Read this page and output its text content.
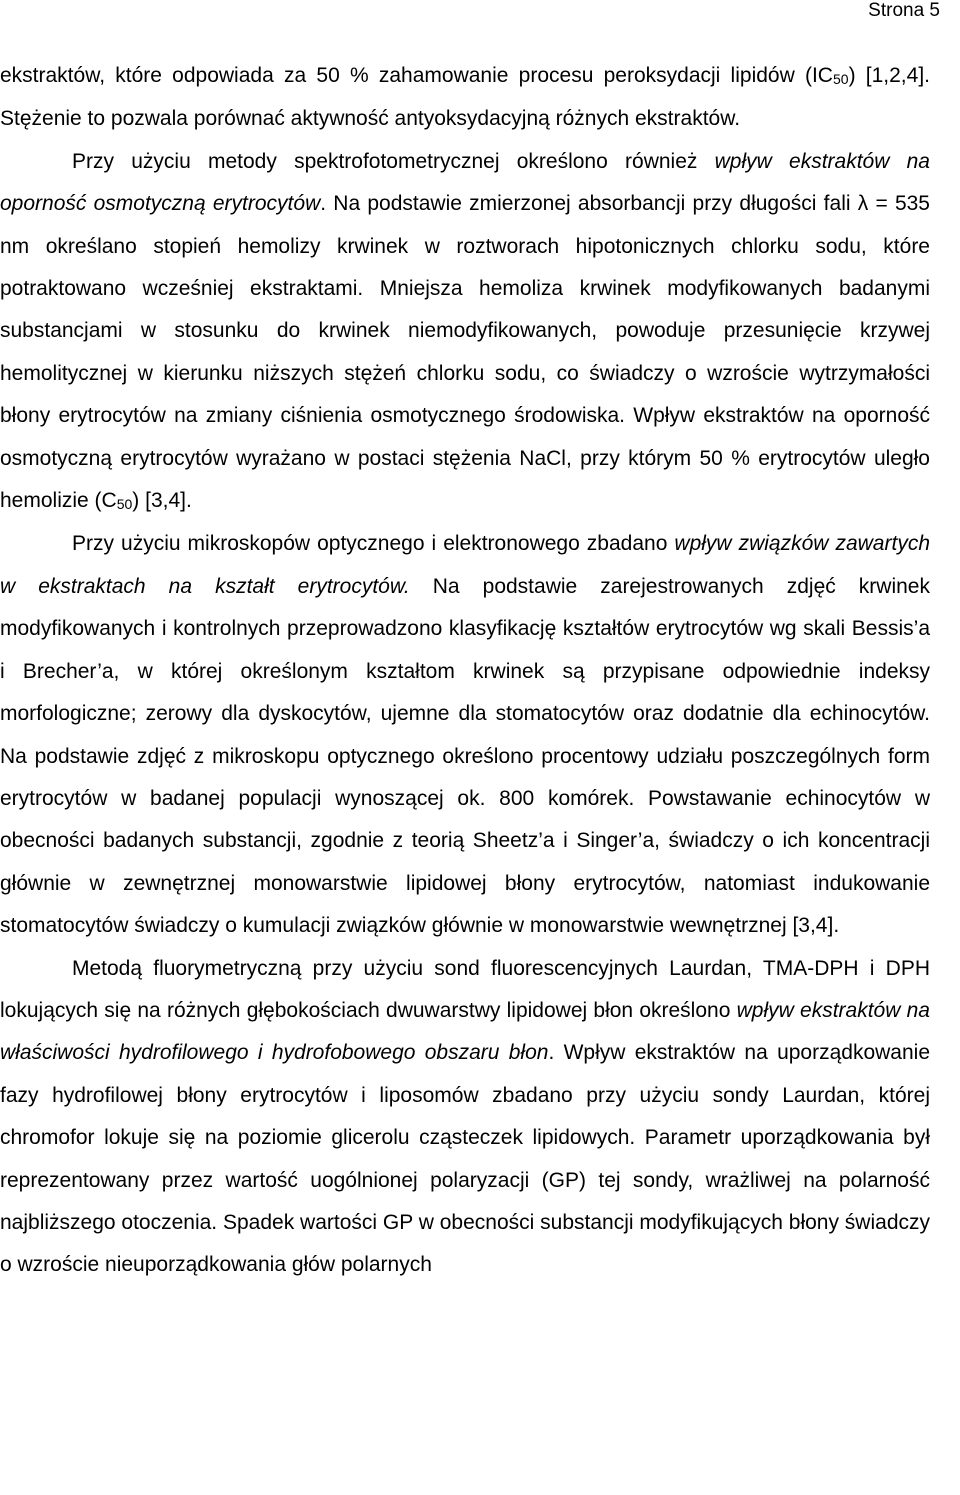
Strona 5

ekstraktów, które odpowiada za 50 % zahamowanie procesu peroksydacji lipidów $(IC_{50})$ [1,2,4]. Stężenie to pozwala porównać aktywność antyoksydacyjną różnych ekstraktów.

Przy użyciu metody spektrofotometrycznej określono również wpływ ekstraktów na oporność osmotyczną erytrocytów. Na podstawie zmierzonej absorbancji przy długości fali λ = 535 nm określano stopień hemolizy krwinek w roztworach hipotonicznych chlorku sodu, które potraktowano wcześniej ekstraktami. Mniejsza hemoliza krwinek modyfikowanych badanymi substancjami w stosunku do krwinek niemodyfikowanych, powoduje przesunięcie krzywej hemolitycznej w kierunku niższych stężeń chlorku sodu, co świadczy o wzroście wytrzymałości błony erytrocytów na zmiany ciśnienia osmotycznego środowiska. Wpływ ekstraktów na oporność osmotyczną erytrocytów wyrażano w postaci stężenia NaCl, przy którym 50 % erytrocytów uległo hemolizie $(C_{50})$ [3,4].

Przy użyciu mikroskopów optycznego i elektronowego zbadano wpływ związków zawartych w ekstraktach na kształt erytrocytów. Na podstawie zarejestrowanych zdjęć krwinek modyfikowanych i kontrolnych przeprowadzono klasyfikację kształtów erytrocytów wg skali Bessis’a i Brecher’a, w której określonym kształtom krwinek są przypisane odpowiednie indeksy morfologiczne; zerowy dla dyskocytów, ujemne dla stomatocytów oraz dodatnie dla echinocytów. Na podstawie zdjęć z mikroskopu optycznego określono procentowy udziału poszczególnych form erytrocytów w badanej populacji wynoszącej ok. 800 komórek. Powstawanie echinocytów w obecności badanych substancji, zgodnie z teorią Sheetz’a i Singer’a, świadczy o ich koncentracji głównie w zewnętrznej monowarstwie lipidowej błony erytrocytów, natomiast indukowanie stomatocytów świadczy o kumulacji związków głównie w monowarstwie wewnętrznej [3,4].

Metodą fluorymetryczną przy użyciu sond fluorescencyjnych Laurdan, TMA-DPH i DPH lokujących się na różnych głębokościach dwuwarstwy lipidowej błon określono wpływ ekstraktów na właściwości hydrofilowego i hydrofobowego obszaru błon. Wpływ ekstraktów na uporządkowanie fazy hydrofilowej błony erytrocytów i liposomów zbadano przy użyciu sondy Laurdan, której chromofor lokuje się na poziomie glicerolu cząsteczek lipidowych. Parametr uporządkowania był reprezentowany przez wartość uogólnionej polaryzacji (GP) tej sondy, wrażliwej na polarność najbliższego otoczenia. Spadek wartości GP w obecności substancji modyfikujących błony świadczy o wzroście nieuporządkowania głów polarnych
